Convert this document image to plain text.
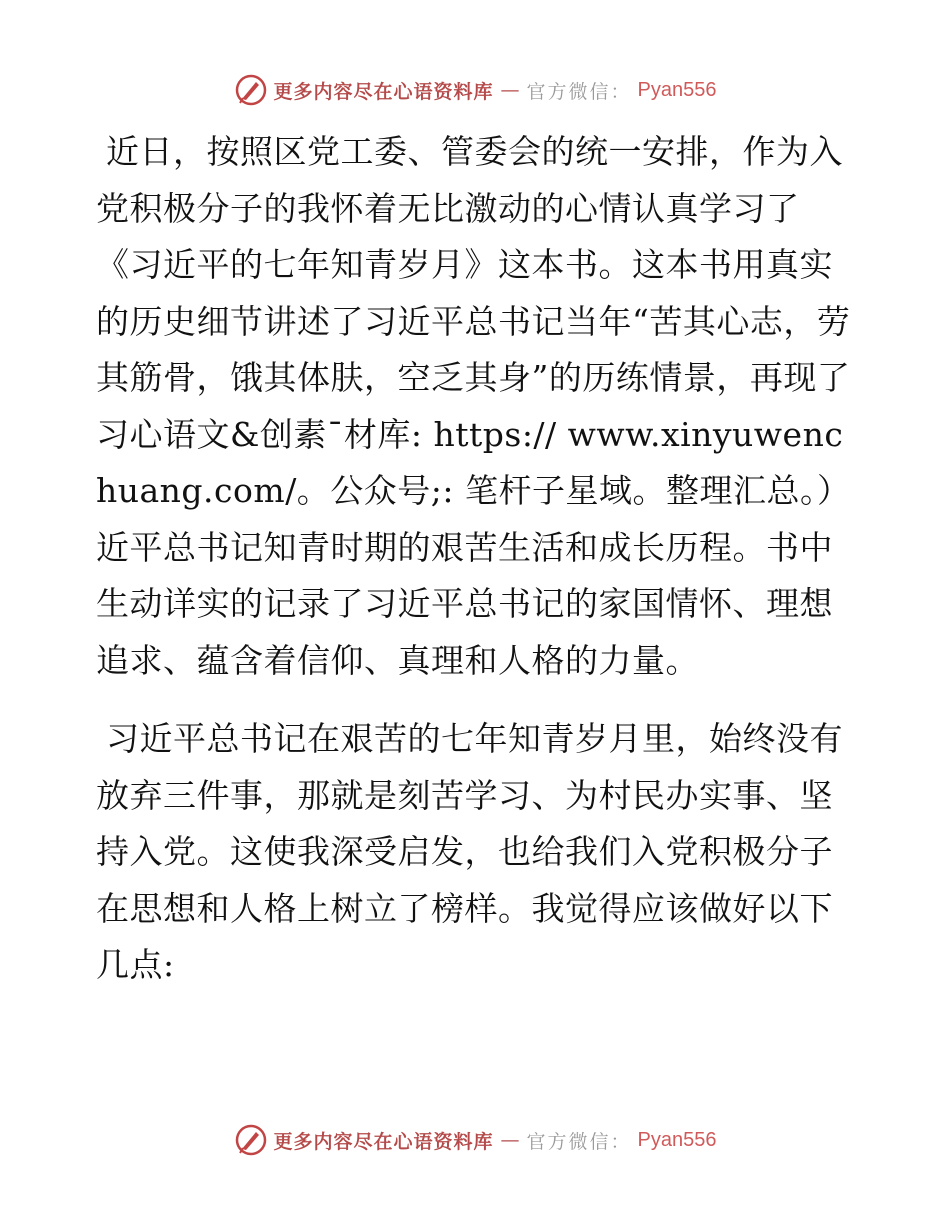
更多内容尽在心语资料库 — 官方微信： Pyan556

近日，按照区党工委、管委会的统一安排，作为入党积极分子的我怀着无比激动的心情认真学习了《习近平的七年知青岁月》这本书。这本书用真实的历史细节讲述了习近平总书记当年“苦其心志，劳其筋骨，饿其体肤，空乏其身”的历练情景，再现了习心语文&创素¯材库: https:// www.xinyuwenchuang.com/。公众号;: 笔杆子星域。整理汇总。）近平总书记知青时期的艰苦生活和成长历程。书中生动详实的记录了习近平总书记的家国情怀、理想追求、蕴含着信仰、真理和人格的力量。

习近平总书记在艰苦的七年知青岁月里，始终没有放弃三件事，那就是刻苦学习、为村民办实事、坚持入党。这使我深受启发，也给我们入党积极分子在思想和人格上树立了榜样。我觉得应该做好以下几点:

更多内容尽在心语资料库 — 官方微信： Pyan556
